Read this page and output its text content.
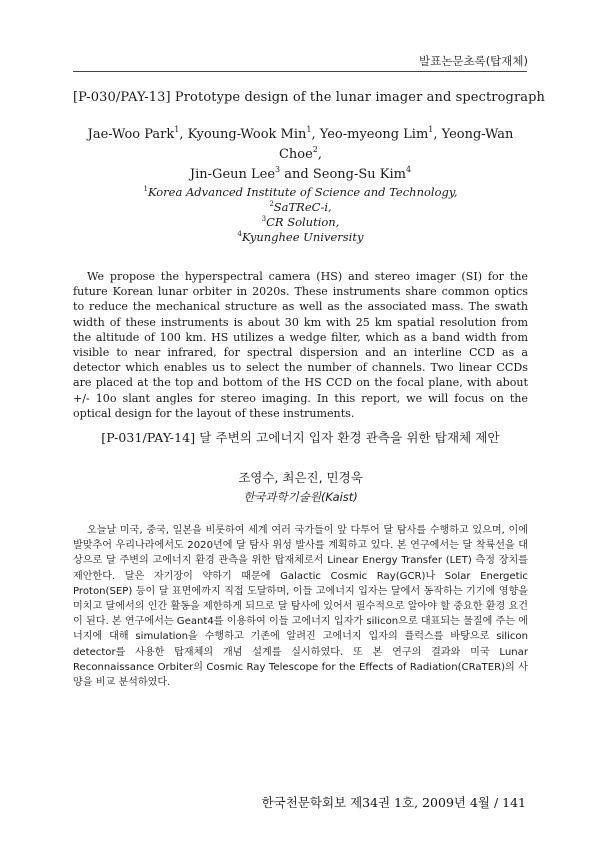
발표논문초록(탑재체)

[P-030/PAY-13] Prototype design of the lunar imager and spectrograph

Jae-Woo Park$^1$, Kyoung-Wook Min$^1$, Yeo-myeong Lim$^1$, Yeong-Wan Choe$^2$,
Jin-Geun Lee$^3$ and Seong-Su Kim$^4$
$^1$Korea Advanced Institute of Science and Technology,
$^2$SaTReC-i,
$^3$CR Solution,
$^4$Kyunghee University

We propose the hyperspectral camera (HS) and stereo imager (SI) for the future Korean lunar orbiter in 2020s. These instruments share common optics to reduce the mechanical structure as well as the associated mass. The swath width of these instruments is about 30 km with 25 km spatial resolution from the altitude of 100 km. HS utilizes a wedge filter, which as a band width from visible to near infrared, for spectral dispersion and an interline CCD as a detector which enables us to select the number of channels. Two linear CCDs are placed at the top and bottom of the HS CCD on the focal plane, with about +/- 10o slant angles for stereo imaging. In this report, we will focus on the optical design for the layout of these instruments.

[P-031/PAY-14] 달 주변의 고에너지 입자 환경 관측을 위한 탑재체 제안

조영수, 최은진, 민경욱
한국과학기술원(Kaist)

오늘날 미국, 중국, 일본을 비롯하여 세계 여러 국가들이 앞 다투어 달 탐사를 수행하고 있으며, 이에 발맞추어 우리나라에서도 2020년에 달 탐사 위성 발사를 계획하고 있다. 본 연구에서는 달 착륙선을 대상으로 달 주변의 고에너지 환경 관측을 위한 탑재체로서 Linear Energy Transfer (LET) 측정 장치를 제안한다. 달은 자기장이 약하기 때문에 Galactic Cosmic Ray(GCR)나 Solar Energetic Proton(SEP) 등이 달 표면에까지 직접 도달하며, 이들 고에너지 입자는 달에서 동작하는 기기에 영향을 미치고 달에서의 인간 활동을 제한하게 되므로 달 탐사에 있어서 필수적으로 알아야 할 중요한 환경 요건이 된다. 본 연구에서는 Geant4를 이용하여 이들 고에너지 입자가 silicon으로 대표되는 물질에 주는 에너지에 대해 simulation을 수행하고 기존에 알려진 고에너지 입자의 플럭스를 바탕으로 silicon detector를 사용한 탑재체의 개념 설계를 실시하였다. 또 본 연구의 결과와 미국 Lunar Reconnaissance Orbiter의 Cosmic Ray Telescope for the Effects of Radiation(CRaTER)의 사양을 비교 분석하였다.

한국천문학회보 제34권 1호, 2009년 4월 / 141
